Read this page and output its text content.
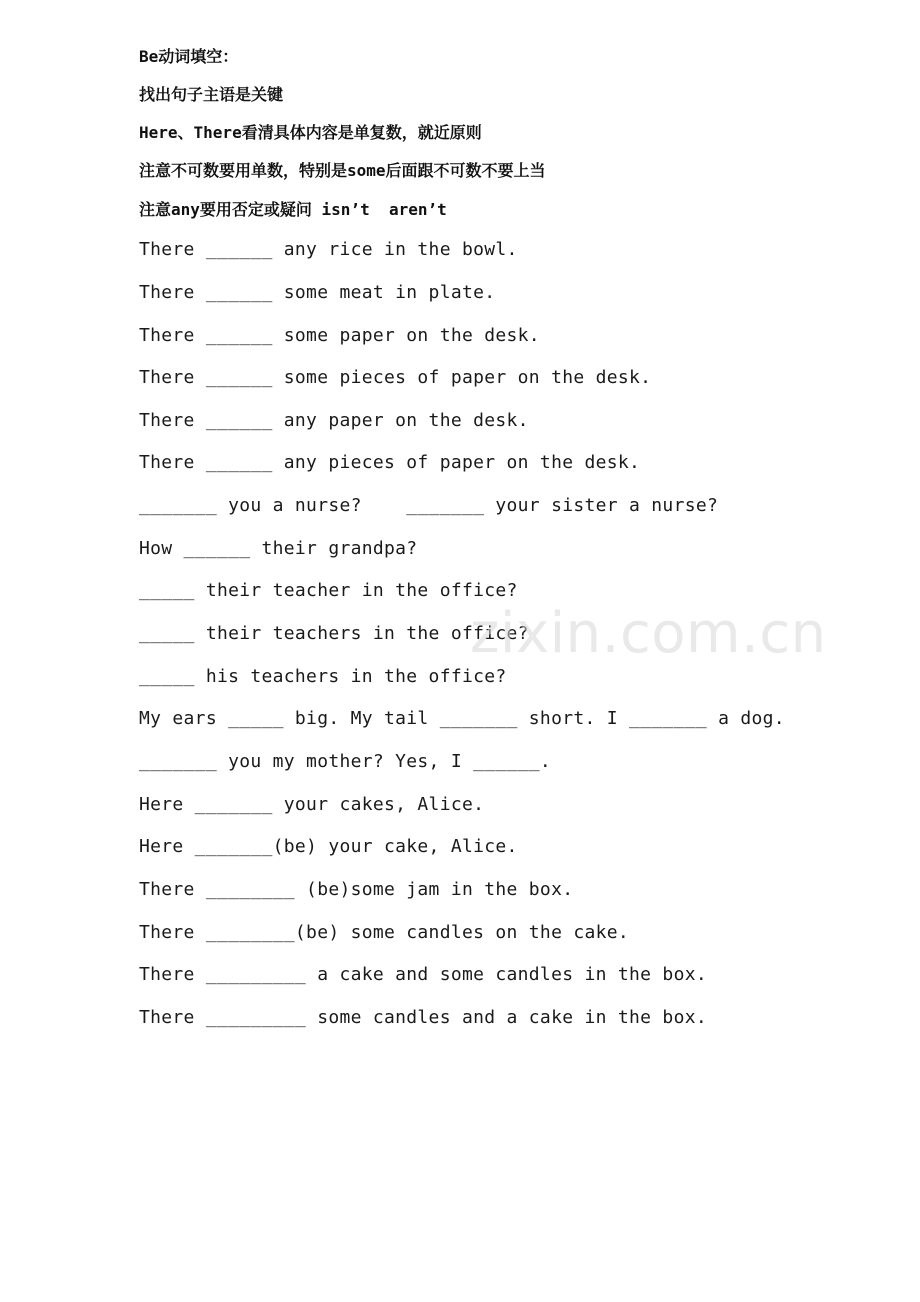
Be动词填空：
找出句子主语是关键
Here、There看清具体内容是单复数，就近原则
注意不可数要用单数，特别是some后面跟不可数不要上当
注意any要用否定或疑问 isn’t  aren’t
There ______ any rice in the bowl.
There ______ some meat in plate.
There ______ some paper on the desk.
There ______ some pieces of paper on the desk.
There ______ any paper on the desk.
There ______ any pieces of paper on the desk.
_______ you a nurse?    _______ your sister a nurse?
How ______ their grandpa?
_____ their teacher in the office?
_____ their teachers in the office?
_____ his teachers in the office?
My ears _____ big. My tail _______ short. I _______ a dog.
_______ you my mother? Yes, I ______.
Here _______ your cakes, Alice.
Here _______(be) your cake, Alice.
There ________ (be)some jam in the box.
There ________(be) some candles on the cake.
There _________ a cake and some candles in the box.
There _________ some candles and a cake in the box.
zixin.com.cn
